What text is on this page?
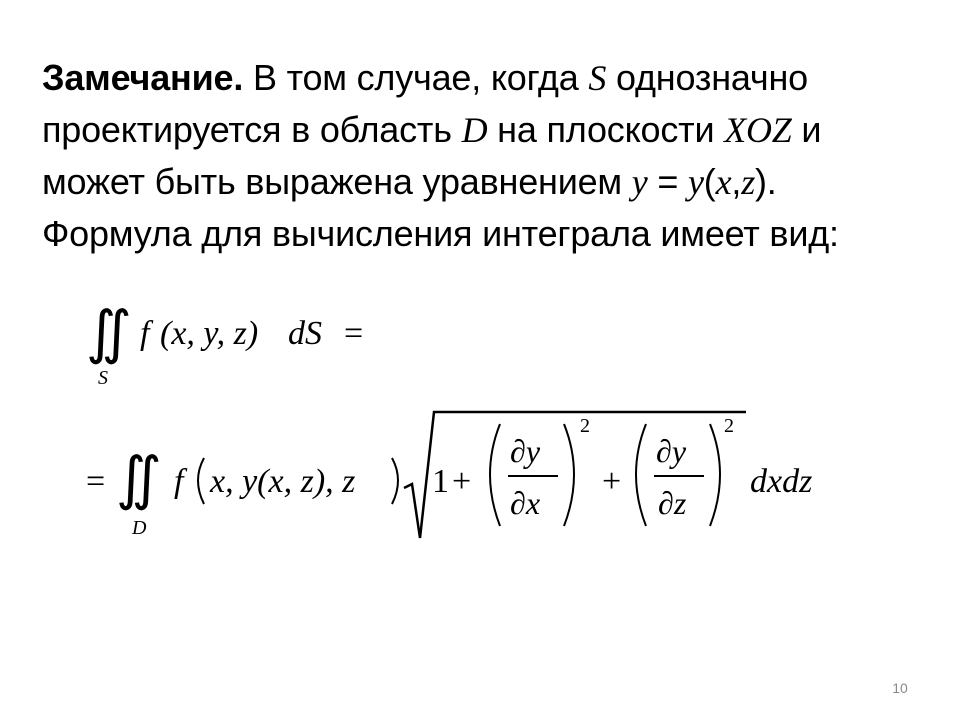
Замечание. В том случае, когда S однозначно
проектируется в область D на плоскости XOZ и
может быть выражена уравнением y = y(x,z).
Формула для вычисления интеграла имеет вид:
∬
S
f (x, y, z) dS =
= ∬
D
f x, y(x, z), z 1 +
∂y
∂x
2
+
∂y
∂z
2
dxdz
10
